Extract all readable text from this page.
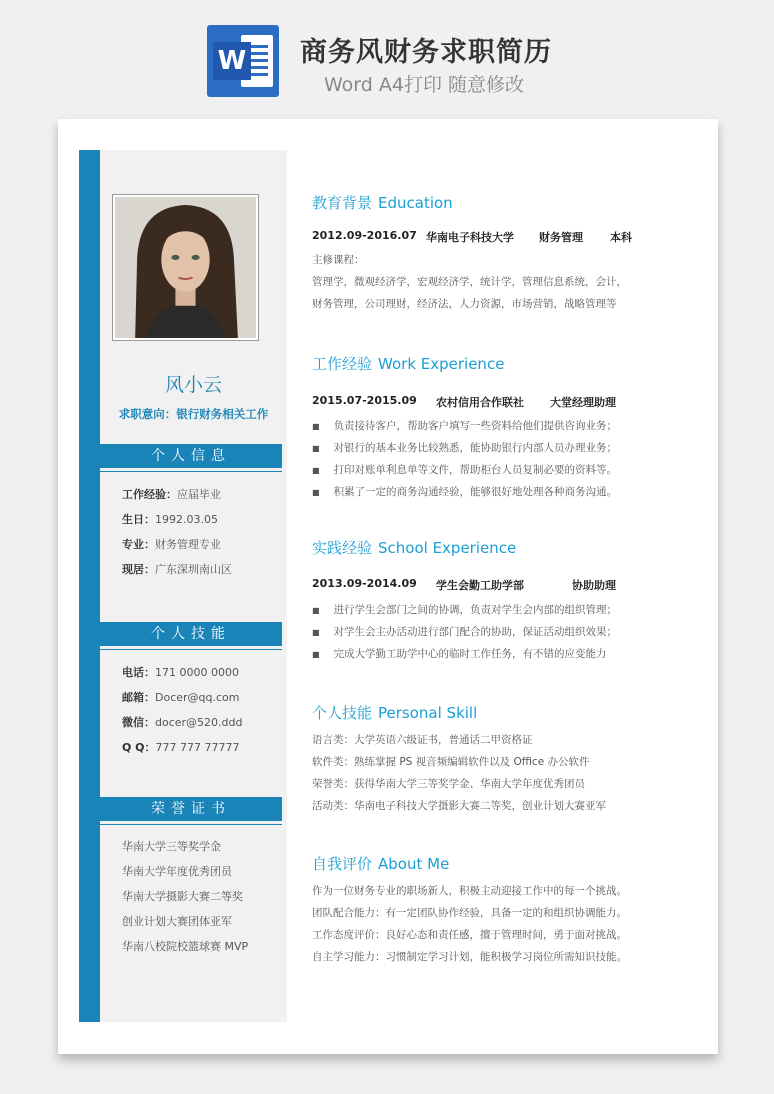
W 商务风财务求职简历
Word A4打印 随意修改
风小云
求职意向：银行财务相关工作
个人信息
工作经验：应届毕业
生日：1992.03.05
专业：财务管理专业
现居：广东深圳南山区
个人技能
电话：171 0000 0000
邮箱：Docer@qq.com
微信：docer@520.ddd
Q Q：777 777 77777
荣誉证书
华南大学三等奖学金
华南大学年度优秀团员
华南大学摄影大赛二等奖
创业计划大赛团体亚军
华南八校院校篮球赛 MVP
教育背景 Education
2012.09-2016.07 华南电子科技大学 财务管理 本科
主修课程：
管理学，微观经济学，宏观经济学，统计学，管理信息系统，会计，
财务管理，公司理财，经济法，人力资源，市场营销，战略管理等
工作经验 Work Experience
2015.07-2015.09 农村信用合作联社 大堂经理助理
■ 负责接待客户，帮助客户填写一些资料给他们提供咨询业务；
■ 对银行的基本业务比较熟悉，能协助银行内部人员办理业务；
■ 打印对账单利息单等文件，帮助柜台人员复制必要的资料等。
■ 积累了一定的商务沟通经验，能够很好地处理各种商务沟通。
实践经验 School Experience
2013.09-2014.09 学生会勤工助学部	协助助理
■ 进行学生会部门之间的协调，负责对学生会内部的组织管理；
■ 对学生会主办活动进行部门配合的协助，保证活动组织效果；
■ 完成大学勤工助学中心的临时工作任务，有不错的应变能力
个人技能 Personal Skill
语言类：大学英语六级证书，普通话二甲资格证
软件类：熟练掌握 PS 视音频编辑软件以及 Office 办公软件
荣誉类：获得华南大学三等奖学金、华南大学年度优秀团员
活动类：华南电子科技大学摄影大赛二等奖，创业计划大赛亚军
自我评价 About Me
作为一位财务专业的职场新人，积极主动迎接工作中的每一个挑战。
团队配合能力：有一定团队协作经验，具备一定的和组织协调能力。
工作态度评价：良好心态和责任感，擅于管理时间，勇于面对挑战。
自主学习能力：习惯制定学习计划，能积极学习岗位所需知识技能。
